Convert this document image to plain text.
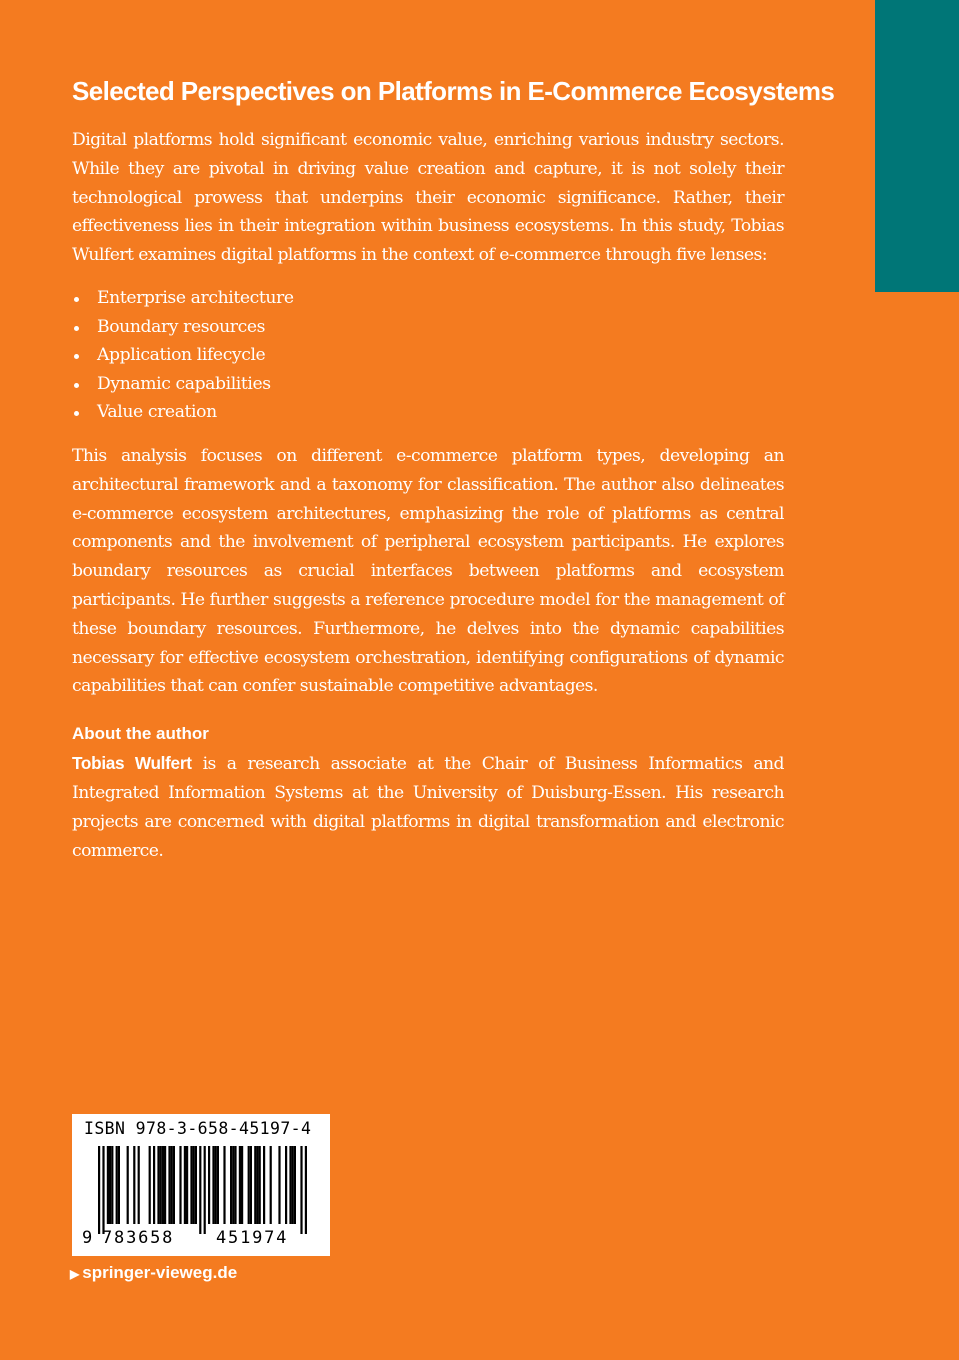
Selected Perspectives on Platforms in E-Commerce Ecosystems

Digital platforms hold significant economic value, enriching various industry sectors. While they are pivotal in driving value creation and capture, it is not solely their technological prowess that underpins their economic significance. Rather, their effectiveness lies in their integration within business ecosystems. In this study, Tobias Wulfert examines digital platforms in the context of e-commerce through five lenses:

Enterprise architecture
Boundary resources
Application lifecycle
Dynamic capabilities
Value creation

This analysis focuses on different e-commerce platform types, developing an architectural framework and a taxonomy for classification. The author also delineates e-commerce ecosystem architectures, emphasizing the role of platforms as central components and the involvement of peripheral ecosystem participants. He explores boundary resources as crucial interfaces between platforms and ecosystem participants. He further suggests a reference procedure model for the management of these boundary resources. Furthermore, he delves into the dynamic capabilities necessary for effective ecosystem orchestration, identifying configurations of dynamic capabilities that can confer sustainable competitive advantages.

About the author

Tobias Wulfert is a research associate at the Chair of Business Informatics and Integrated Information Systems at the University of Duisburg-Essen. His research projects are concerned with digital platforms in digital transformation and electronic commerce.

ISBN 978-3-658-45197-4
9 783658 451974
▶ springer-vieweg.de
